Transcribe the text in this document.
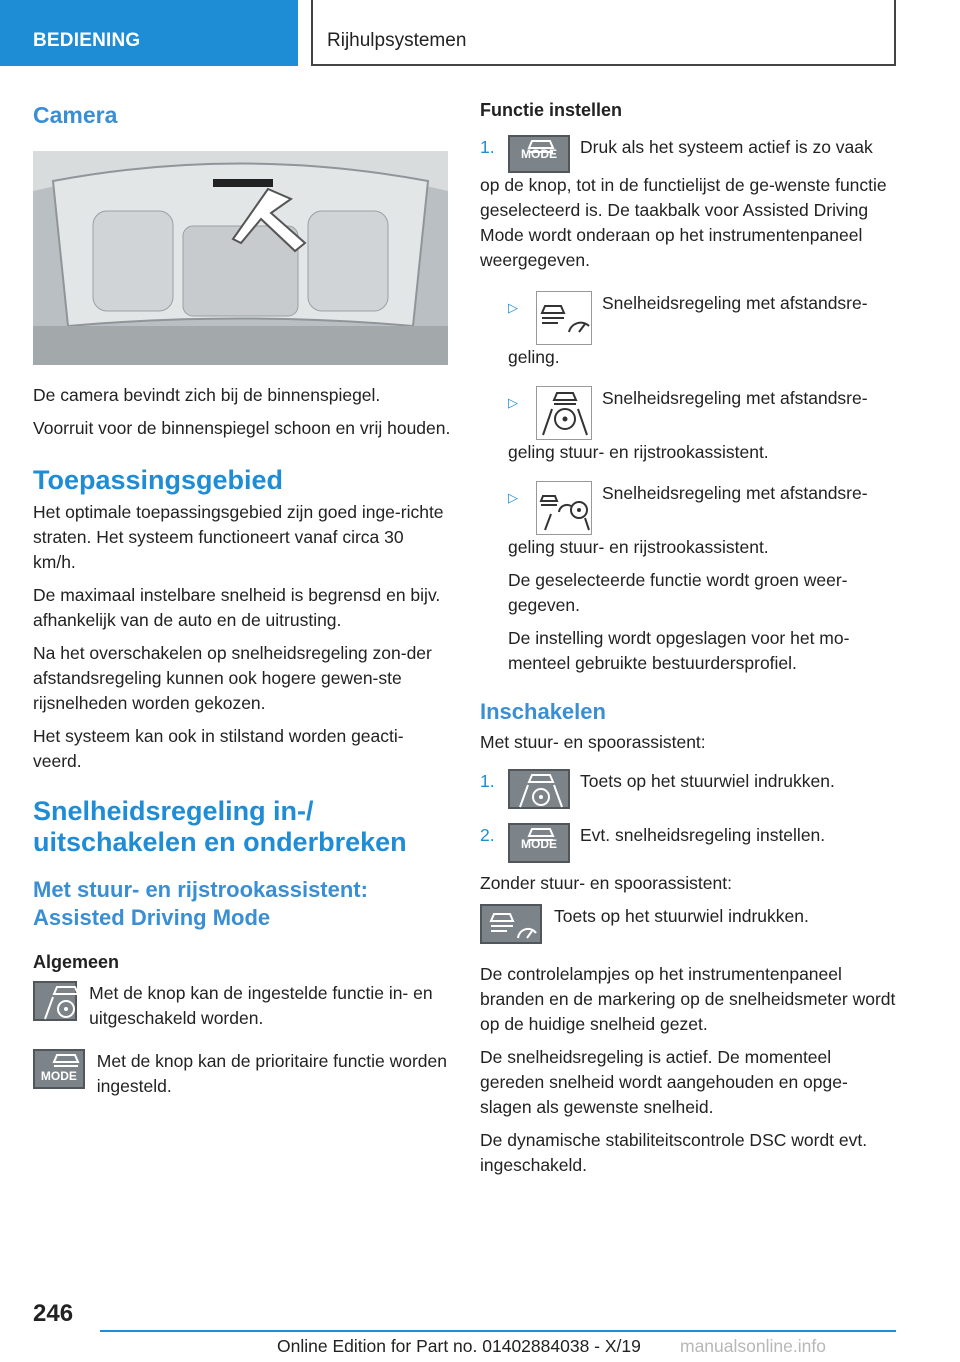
BEDIENING	Rijhulpsystemen
Camera

De camera bevindt zich bij de binnenspiegel.

Voorruit voor de binnenspiegel schoon en vrij houden.

Toepassingsgebied

Het optimale toepassingsgebied zijn goed inge-richte straten. Het systeem functioneert vanaf circa 30 km/h.

De maximaal instelbare snelheid is begrensd en bijv. afhankelijk van de auto en de uitrusting.

Na het overschakelen op snelheidsregeling zon-der afstandsregeling kunnen ook hogere gewen-ste rijsnelheden worden gekozen.

Het systeem kan ook in stilstand worden geacti-veerd.

Snelheidsregeling in-/
uitschakelen en onderbreken
Met stuur- en rijstrookassistent:
Assisted Driving Mode
Algemeen
Met de knop kan de ingestelde functie in- en uitgeschakeld worden.
MODE
Met de knop kan de prioritaire functie worden ingesteld.
Functie instellen
1.	MODE	Druk als het systeem actief is zo vaak op de knop, tot in de functielijst de ge-wenste functie geselecteerd is. De taakbalk voor Assisted Driving Mode wordt onderaan op het instrumentenpaneel weergegeven.
▷	Snelheidsregeling met afstandsre-geling.
▷	Snelheidsregeling met afstandsre-geling stuur- en rijstrookassistent.
▷	Snelheidsregeling met afstandsre-geling stuur- en rijstrookassistent.

De geselecteerde functie wordt groen weer-gegeven.

De instelling wordt opgeslagen voor het mo-menteel gebruikte bestuurdersprofiel.

Inschakelen

Met stuur- en spoorassistent:

1.	Toets op het stuurwiel indrukken.
2.	MODE	Evt. snelheidsregeling instellen.

Zonder stuur- en spoorassistent:

Toets op het stuurwiel indrukken.

De controlelampjes op het instrumentenpaneel branden en de markering op de snelheidsmeter wordt op de huidige snelheid gezet.

De snelheidsregeling is actief. De momenteel gereden snelheid wordt aangehouden en opge-slagen als gewenste snelheid.

De dynamische stabiliteitscontrole DSC wordt evt. ingeschakeld.

246
Online Edition for Part no. 01402884038 - X/19 manualsonline.info
